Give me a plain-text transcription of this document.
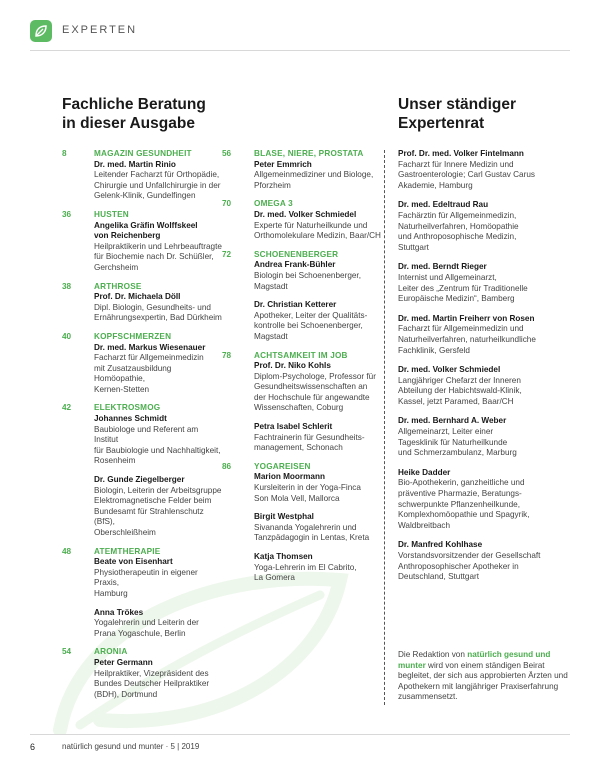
EXPERTEN
Fachliche Beratung
in dieser Ausgabe
Unser ständiger
Expertenrat
8	MAGAZIN GESUNDHEIT
Dr. med. Martin Rinio
Leitender Facharzt für Orthopädie,
Chirurgie und Unfallchirurgie in der
Gelenk-Klinik, Gundelfingen
36	HUSTEN
Angelika Gräfin Wolffskeel
von Reichenberg
Heilpraktikerin und Lehrbeauftragte
für Biochemie nach Dr. Schüßler,
Gerchsheim
38	ARTHROSE
Prof. Dr. Michaela Döll
Dipl. Biologin, Gesundheits- und
Ernährungsexpertin, Bad Dürkheim
40	KOPFSCHMERZEN
Dr. med. Markus Wiesenauer
Facharzt für Allgemeinmedizin
mit Zusatzausbildung Homöopathie,
Kernen-Stetten
42	ELEKTROSMOG
Johannes Schmidt
Baubiologe und Referent am Institut
für Baubiologie und Nachhaltigkeit,
Rosenheim
Dr. Gunde Ziegelberger
Biologin, Leiterin der Arbeitsgruppe
Elektromagnetische Felder beim
Bundesamt für Strahlenschutz (BfS),
Oberschleißheim
48	ATEMTHERAPIE
Beate von Eisenhart
Physiotherapeutin in eigener Praxis,
Hamburg
Anna Trökes
Yogalehrerin und Leiterin der
Prana Yogaschule, Berlin
54	ARONIA
Peter Germann
Heilpraktiker, Vizepräsident des
Bundes Deutscher Heilpraktiker
(BDH), Dortmund
56	BLASE, NIERE, PROSTATA
Peter Emmrich
Allgemeinmediziner und Biologe,
Pforzheim
70	OMEGA 3
Dr. med. Volker Schmiedel
Experte für Naturheilkunde und
Orthomolekulare Medizin, Baar/CH
72	SCHOENENBERGER
Andrea Frank-Bühler
Biologin bei Schoenenberger,
Magstadt
Dr. Christian Ketterer
Apotheker, Leiter der Qualitäts-
kontrolle bei Schoenenberger,
Magstadt
78	ACHTSAMKEIT IM JOB
Prof. Dr. Niko Kohls
Diplom-Psychologe, Professor für
Gesundheitswissenschaften an
der Hochschule für angewandte
Wissenschaften, Coburg
Petra Isabel Schlerit
Fachtrainerin für Gesundheits-
management, Schonach
86	YOGAREISEN
Marion Moormann
Kursleiterin in der Yoga-Finca
Son Mola Vell, Mallorca
Birgit Westphal
Sivananda Yogalehrerin und
Tanzpädagogin in Lentas, Kreta
Katja Thomsen
Yoga-Lehrerin im El Cabrito,
La Gomera
Prof. Dr. med. Volker Fintelmann
Facharzt für Innere Medizin und
Gastroenterologie; Carl Gustav Carus
Akademie, Hamburg
Dr. med. Edeltraud Rau
Fachärztin für Allgemeinmedizin,
Naturheilverfahren, Homöopathie
und Anthroposophische Medizin,
Stuttgart
Dr. med. Berndt Rieger
Internist und Allgemeinarzt,
Leiter des „Zentrum für Traditionelle
Europäische Medizin“, Bamberg
Dr. med. Martin Freiherr von Rosen
Facharzt für Allgemeinmedizin und
Naturheilverfahren, naturheilkundliche
Fachklinik, Gersfeld
Dr. med. Volker Schmiedel
Langjähriger Chefarzt der Inneren
Abteilung der Habichtswald-Klinik,
Kassel, jetzt Paramed, Baar/CH
Dr. med. Bernhard A. Weber
Allgemeinarzt, Leiter einer
Tagesklinik für Naturheilkunde
und Schmerzambulanz, Marburg
Heike Dadder
Bio-Apothekerin, ganzheitliche und
präventive Pharmazie, Beratungs-
schwerpunkte Pflanzenheilkunde,
Komplexhomöopathie und Spagyrik,
Waldbreitbach
Dr. Manfred Kohlhase
Vorstandsvorsitzender der Gesellschaft
Anthroposophischer Apotheker in
Deutschland, Stuttgart
Die Redaktion von natürlich gesund und munter wird von einem ständigen Beirat begleitet, der sich aus approbierten Ärzten und Apothekern mit langjähriger Praxiserfahrung zusammensetzt.
6	natürlich gesund und munter · 5 | 2019
